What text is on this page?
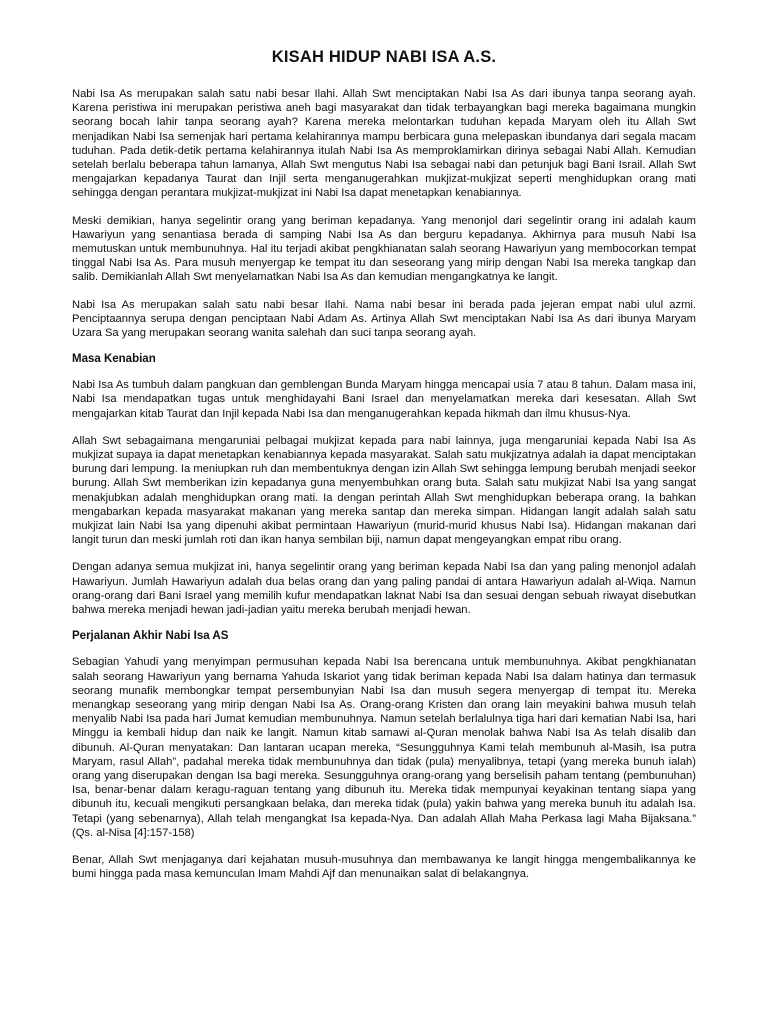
KISAH HIDUP NABI ISA A.S.

Nabi Isa As merupakan salah satu nabi besar Ilahi. Allah Swt menciptakan Nabi Isa As dari ibunya tanpa seorang ayah. Karena peristiwa ini merupakan peristiwa aneh bagi masyarakat dan tidak terbayangkan bagi mereka bagaimana mungkin seorang bocah lahir tanpa seorang ayah? Karena mereka melontarkan tuduhan kepada Maryam oleh itu Allah Swt menjadikan Nabi Isa semenjak hari pertama kelahirannya mampu berbicara guna melepaskan ibundanya dari segala macam tuduhan. Pada detik-detik pertama kelahirannya itulah Nabi Isa As memproklamirkan dirinya sebagai Nabi Allah. Kemudian setelah berlalu beberapa tahun lamanya, Allah Swt mengutus Nabi Isa sebagai nabi dan petunjuk bagi Bani Israil. Allah Swt mengajarkan kepadanya Taurat dan Injil serta menganugerahkan mukjizat-mukjizat seperti menghidupkan orang mati sehingga dengan perantara mukjizat-mukjizat ini Nabi Isa dapat menetapkan kenabiannya.

Meski demikian, hanya segelintir orang yang beriman kepadanya. Yang menonjol dari segelintir orang ini adalah kaum Hawariyun yang senantiasa berada di samping Nabi Isa As dan berguru kepadanya. Akhirnya para musuh Nabi Isa memutuskan untuk membunuhnya. Hal itu terjadi akibat pengkhianatan salah seorang Hawariyun yang membocorkan tempat tinggal Nabi Isa As. Para musuh menyergap ke tempat itu dan seseorang yang mirip dengan Nabi Isa mereka tangkap dan salib. Demikianlah Allah Swt menyelamatkan Nabi Isa As dan kemudian mengangkatnya ke langit.

Nabi Isa As merupakan salah satu nabi besar Ilahi. Nama nabi besar ini berada pada jejeran empat nabi ulul azmi. Penciptaannya serupa dengan penciptaan Nabi Adam As. Artinya Allah Swt menciptakan Nabi Isa As dari ibunya Maryam Uzara Sa yang merupakan seorang wanita salehah dan suci tanpa seorang ayah.

Masa Kenabian

Nabi Isa As tumbuh dalam pangkuan dan gemblengan Bunda Maryam hingga mencapai usia 7 atau 8 tahun. Dalam masa ini, Nabi Isa mendapatkan tugas untuk menghidayahi Bani Israel dan menyelamatkan mereka dari kesesatan. Allah Swt mengajarkan kitab Taurat dan Injil kepada Nabi Isa dan menganugerahkan kepada hikmah dan ilmu khusus-Nya.

Allah Swt sebagaimana mengaruniai pelbagai mukjizat kepada para nabi lainnya, juga mengaruniai kepada Nabi Isa As mukjizat supaya ia dapat menetapkan kenabiannya kepada masyarakat. Salah satu mukjizatnya adalah ia dapat menciptakan burung dari lempung. Ia meniupkan ruh dan membentuknya dengan izin Allah Swt sehingga lempung berubah menjadi seekor burung. Allah Swt memberikan izin kepadanya guna menyembuhkan orang buta. Salah satu mukjizat Nabi Isa yang sangat menakjubkan adalah menghidupkan orang mati. Ia dengan perintah Allah Swt menghidupkan beberapa orang. Ia bahkan mengabarkan kepada masyarakat makanan yang mereka santap dan mereka simpan. Hidangan langit adalah salah satu mukjizat lain Nabi Isa yang dipenuhi akibat permintaan Hawariyun (murid-murid khusus Nabi Isa). Hidangan makanan dari langit turun dan meski jumlah roti dan ikan hanya sembilan biji, namun dapat mengeyangkan empat ribu orang.

Dengan adanya semua mukjizat ini, hanya segelintir orang yang beriman kepada Nabi Isa dan yang paling menonjol adalah Hawariyun. Jumlah Hawariyun adalah dua belas orang dan yang paling pandai di antara Hawariyun adalah al-Wiqa. Namun orang-orang dari Bani Israel yang memilih kufur mendapatkan laknat Nabi Isa dan sesuai dengan sebuah riwayat disebutkan bahwa mereka menjadi hewan jadi-jadian yaitu mereka berubah menjadi hewan.

Perjalanan Akhir Nabi Isa AS

Sebagian Yahudi yang menyimpan permusuhan kepada Nabi Isa berencana untuk membunuhnya. Akibat pengkhianatan salah seorang Hawariyun yang bernama Yahuda Iskariot yang tidak beriman kepada Nabi Isa dalam hatinya dan termasuk seorang munafik membongkar tempat persembunyian Nabi Isa dan musuh segera menyergap di tempat itu. Mereka menangkap seseorang yang mirip dengan Nabi Isa As. Orang-orang Kristen dan orang lain meyakini bahwa musuh telah menyalib Nabi Isa pada hari Jumat kemudian membunuhnya. Namun setelah berlalulnya tiga hari dari kematian Nabi Isa, hari Minggu ia kembali hidup dan naik ke langit. Namun kitab samawi al-Quran menolak bahwa Nabi Isa As telah disalib dan dibunuh. Al-Quran menyatakan: Dan lantaran ucapan mereka, “Sesungguhnya Kami telah membunuh al-Masih, Isa putra Maryam, rasul Allah”, padahal mereka tidak membunuhnya dan tidak (pula) menyalibnya, tetapi (yang mereka bunuh ialah) orang yang diserupakan dengan Isa bagi mereka. Sesungguhnya orang-orang yang berselisih paham tentang (pembunuhan) Isa, benar-benar dalam keragu-raguan tentang yang dibunuh itu. Mereka tidak mempunyai keyakinan tentang siapa yang dibunuh itu, kecuali mengikuti persangkaan belaka, dan mereka tidak (pula) yakin bahwa yang mereka bunuh itu adalah Isa. Tetapi (yang sebenarnya), Allah telah mengangkat Isa kepada-Nya. Dan adalah Allah Maha Perkasa lagi Maha Bijaksana.” (Qs. al-Nisa [4]:157-158)

Benar, Allah Swt menjaganya dari kejahatan musuh-musuhnya dan membawanya ke langit hingga mengembalikannya ke bumi hingga pada masa kemunculan Imam Mahdi Ajf dan menunaikan salat di belakangnya.
